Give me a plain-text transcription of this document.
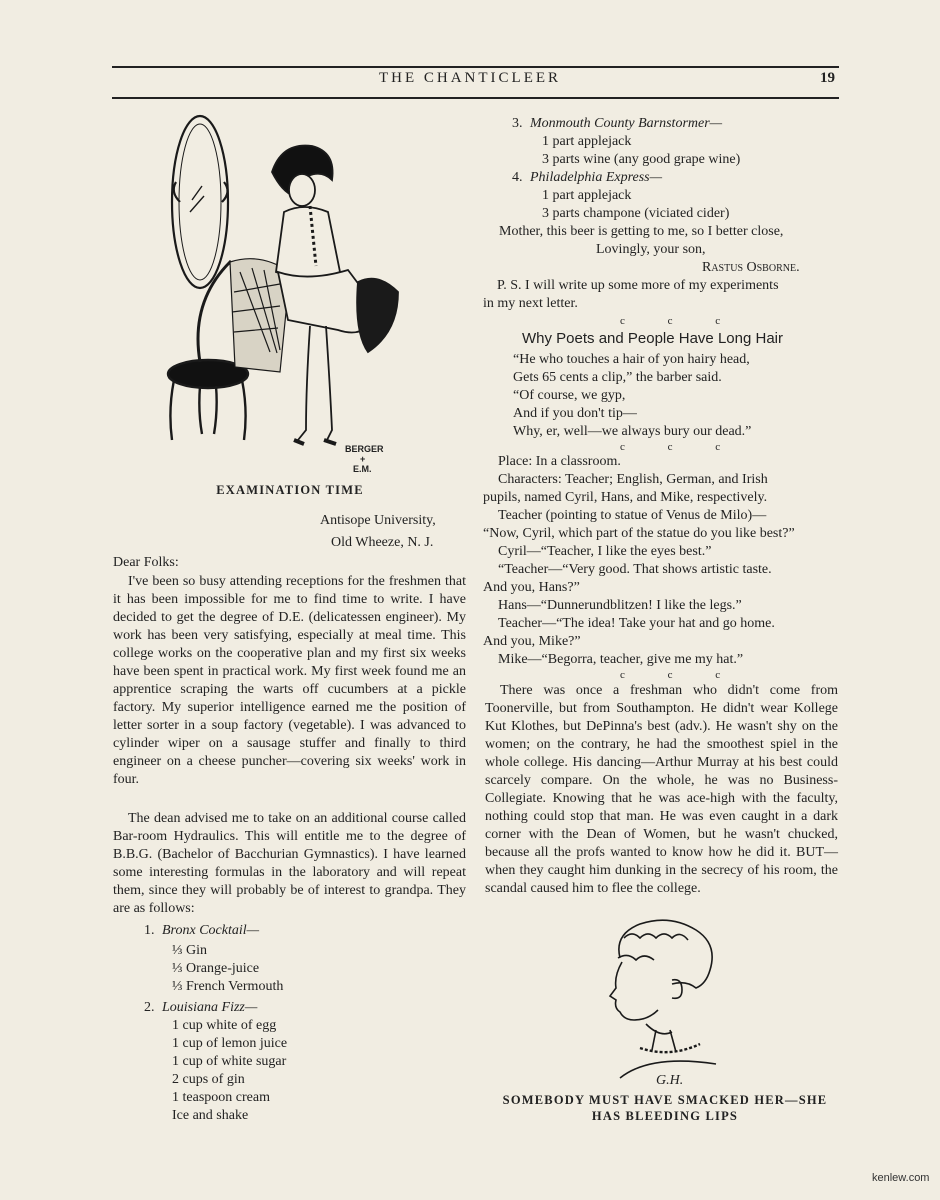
THE CHANTICLEER	19
BERGER
+
E.M.
EXAMINATION TIME
Antisope University,
Old Wheeze, N. J.
Dear Folks:
I've been so busy attending receptions for the freshmen that it has been impossible for me to find time to write. I have decided to get the degree of D.E. (delicatessen engineer). My work has been very satisfying, especially at meal time. This college works on the cooperative plan and my first six weeks have been spent in practical work. My first week found me an apprentice scraping the warts off cucumbers at a pickle factory. My superior intelligence earned me the position of letter sorter in a soup factory (vegetable). I was advanced to cylinder wiper on a sausage stuffer and finally to third engineer on a cheese puncher—covering six weeks' work in four.
The dean advised me to take on an additional course called Bar-room Hydraulics. This will entitle me to the degree of B.B.G. (Bachelor of Bacchurian Gymnastics). I have learned some interesting formulas in the laboratory and will repeat them, since they will probably be of interest to grandpa. They are as follows:
1. Bronx Cocktail—
⅓ Gin
⅓ Orange-juice
⅓ French Vermouth
2. Louisiana Fizz—
1 cup white of egg
1 cup of lemon juice
1 cup of white sugar
2 cups of gin
1 teaspoon cream
Ice and shake
3. Monmouth County Barnstormer—
1 part applejack
3 parts wine (any good grape wine)
4. Philadelphia Express—
1 part applejack
3 parts champone (viciated cider)
Mother, this beer is getting to me, so I better close,
Lovingly, your son,
Rastus Osborne.
P. S. I will write up some more of my experiments
in my next letter.
c c c
Why Poets and People Have Long Hair
“He who touches a hair of yon hairy head,
Gets 65 cents a clip,” the barber said.
“Of course, we gyp,
And if you don't tip—
Why, er, well—we always bury our dead.”
c c c
Place: In a classroom.
Characters: Teacher; English, German, and Irish
pupils, named Cyril, Hans, and Mike, respectively.
Teacher (pointing to statue of Venus de Milo)—
“Now, Cyril, which part of the statue do you like best?”
Cyril—“Teacher, I like the eyes best.”
“Teacher—“Very good. That shows artistic taste.
And you, Hans?”
Hans—“Dunnerundblitzen! I like the legs.”
Teacher—“The idea! Take your hat and go home.
And you, Mike?”
Mike—“Begorra, teacher, give me my hat.”
c c c
There was once a freshman who didn't come from Toonerville, but from Southampton. He didn't wear Kollege Kut Klothes, but DePinna's best (adv.). He wasn't shy on the women; on the contrary, he had the smoothest spiel in the whole college. His dancing—Arthur Murray at his best could scarcely compare. On the whole, he was no Business-Collegiate. Knowing that he was ace-high with the faculty, nothing could stop that man. He was even caught in a dark corner with the Dean of Women, but he wasn't chucked, because all the profs wanted to know how he did it. BUT—when they caught him dunking in the secrecy of his room, the scandal caused him to flee the college.
G.H.
SOMEBODY MUST HAVE SMACKED HER—SHE
HAS BLEEDING LIPS
kenlew.com
